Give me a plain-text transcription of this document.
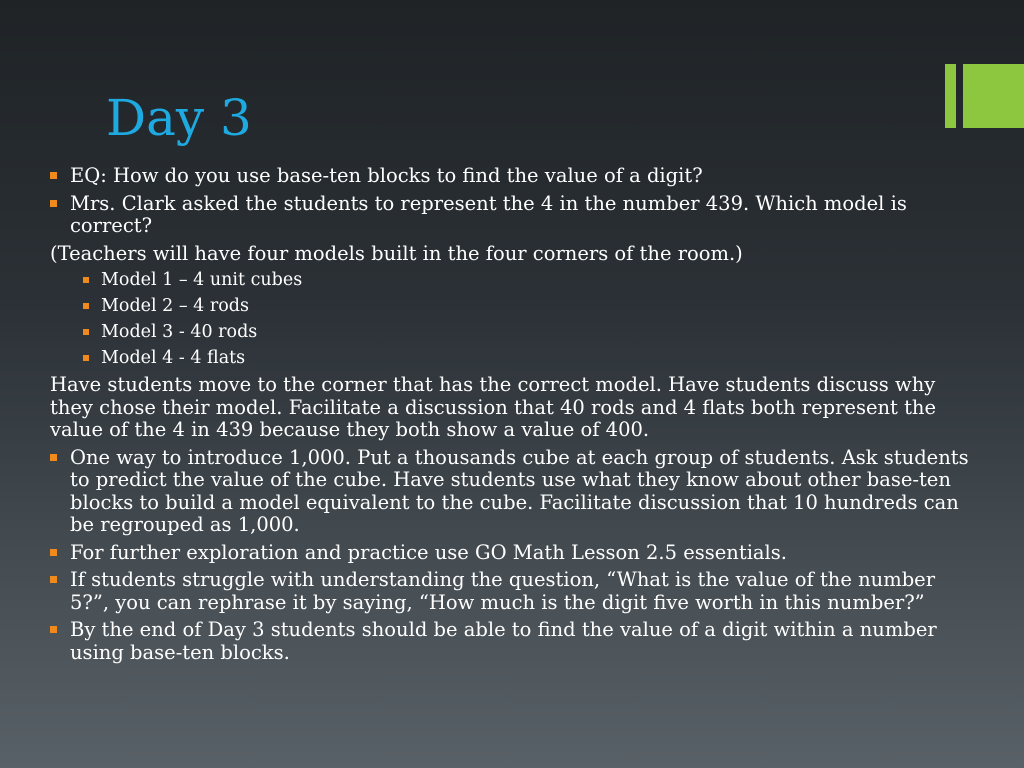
Day 3
EQ: How do you use base-ten blocks to find the value of a digit?
Mrs. Clark asked the students to represent the 4 in the number 439. Which model is correct?
(Teachers will have four models built in the four corners of the room.)
Model 1 – 4 unit cubes
Model 2 – 4 rods
Model 3 - 40 rods
Model 4 - 4 flats
Have students move to the corner that has the correct model. Have students discuss why they chose their model. Facilitate a discussion that 40 rods and 4 flats both represent the value of the 4 in 439 because they both show a value of 400.
One way to introduce 1,000. Put a thousands cube at each group of students. Ask students to predict the value of the cube. Have students use what they know about other base-ten blocks to build a model equivalent to the cube. Facilitate discussion that 10 hundreds can be regrouped as 1,000.
For further exploration and practice use GO Math Lesson 2.5 essentials.
If students struggle with understanding the question, “What is the value of the number 5?”, you can rephrase it by saying, “How much is the digit five worth in this number?”
By the end of Day 3 students should be able to find the value of a digit within a number using base-ten blocks.
